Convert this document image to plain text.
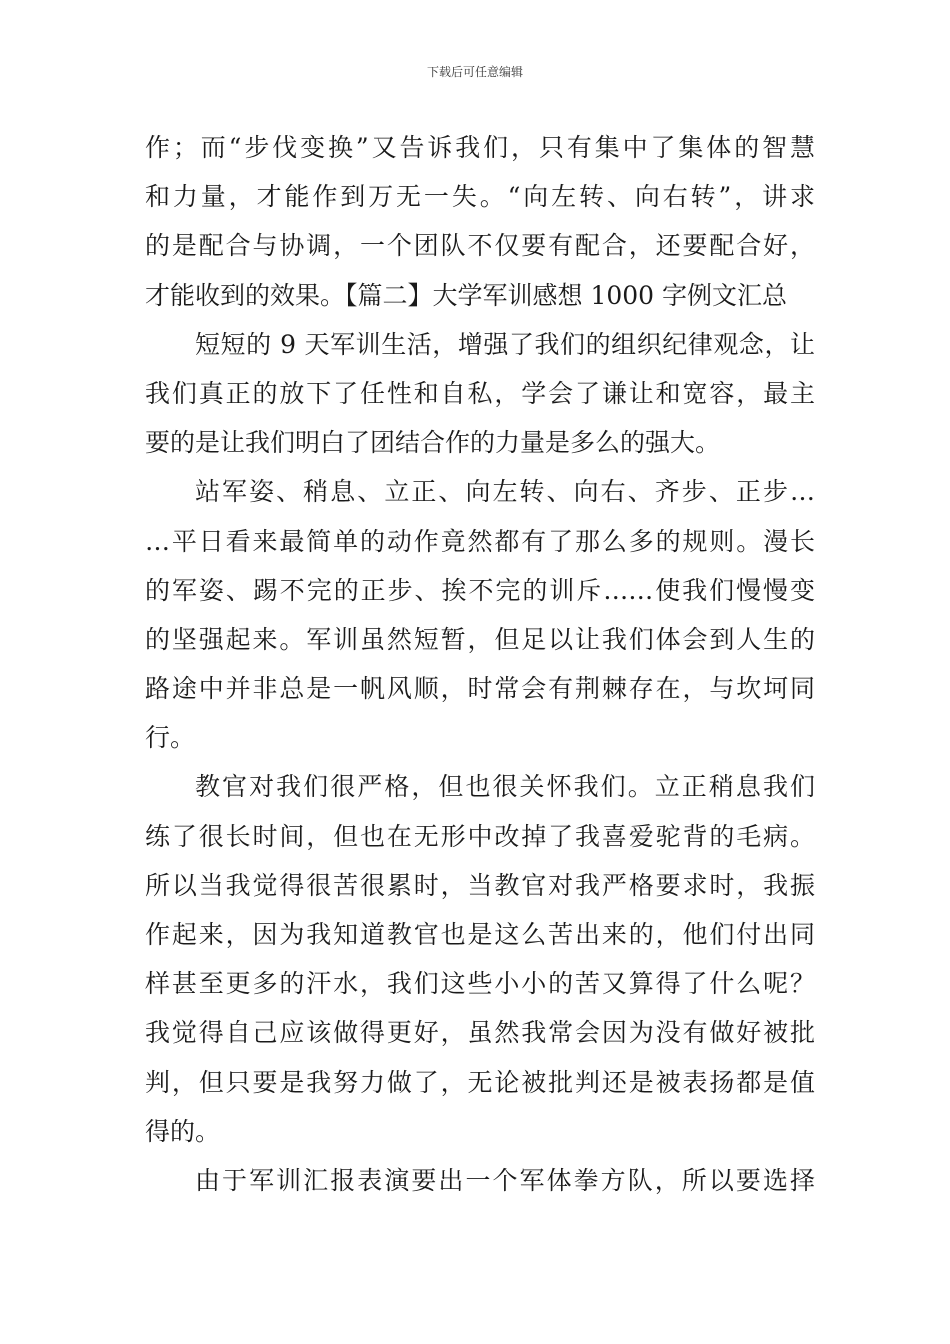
下载后可任意编辑
作；而“步伐变换”又告诉我们，只有集中了集体的智慧
和力量，才能作到万无一失。“向左转、向右转”，讲求
的是配合与协调，一个团队不仅要有配合，还要配合好，
才能收到的效果。【篇二】大学军训感想 1000 字例文汇总
短短的 9 天军训生活，增强了我们的组织纪律观念，让
我们真正的放下了任性和自私，学会了谦让和宽容，最主
要的是让我们明白了团结合作的力量是多么的强大。
站军姿、稍息、立正、向左转、向右、齐步、正步…
…平日看来最简单的动作竟然都有了那么多的规则。漫长
的军姿、踢不完的正步、挨不完的训斥……使我们慢慢变
的坚强起来。军训虽然短暂，但足以让我们体会到人生的
路途中并非总是一帆风顺，时常会有荆棘存在，与坎坷同
行。
教官对我们很严格，但也很关怀我们。立正稍息我们
练了很长时间，但也在无形中改掉了我喜爱驼背的毛病。
所以当我觉得很苦很累时，当教官对我严格要求时，我振
作起来，因为我知道教官也是这么苦出来的，他们付出同
样甚至更多的汗水，我们这些小小的苦又算得了什么呢？
我觉得自己应该做得更好，虽然我常会因为没有做好被批
判，但只要是我努力做了，无论被批判还是被表扬都是值
得的。
由于军训汇报表演要出一个军体拳方队，所以要选择
